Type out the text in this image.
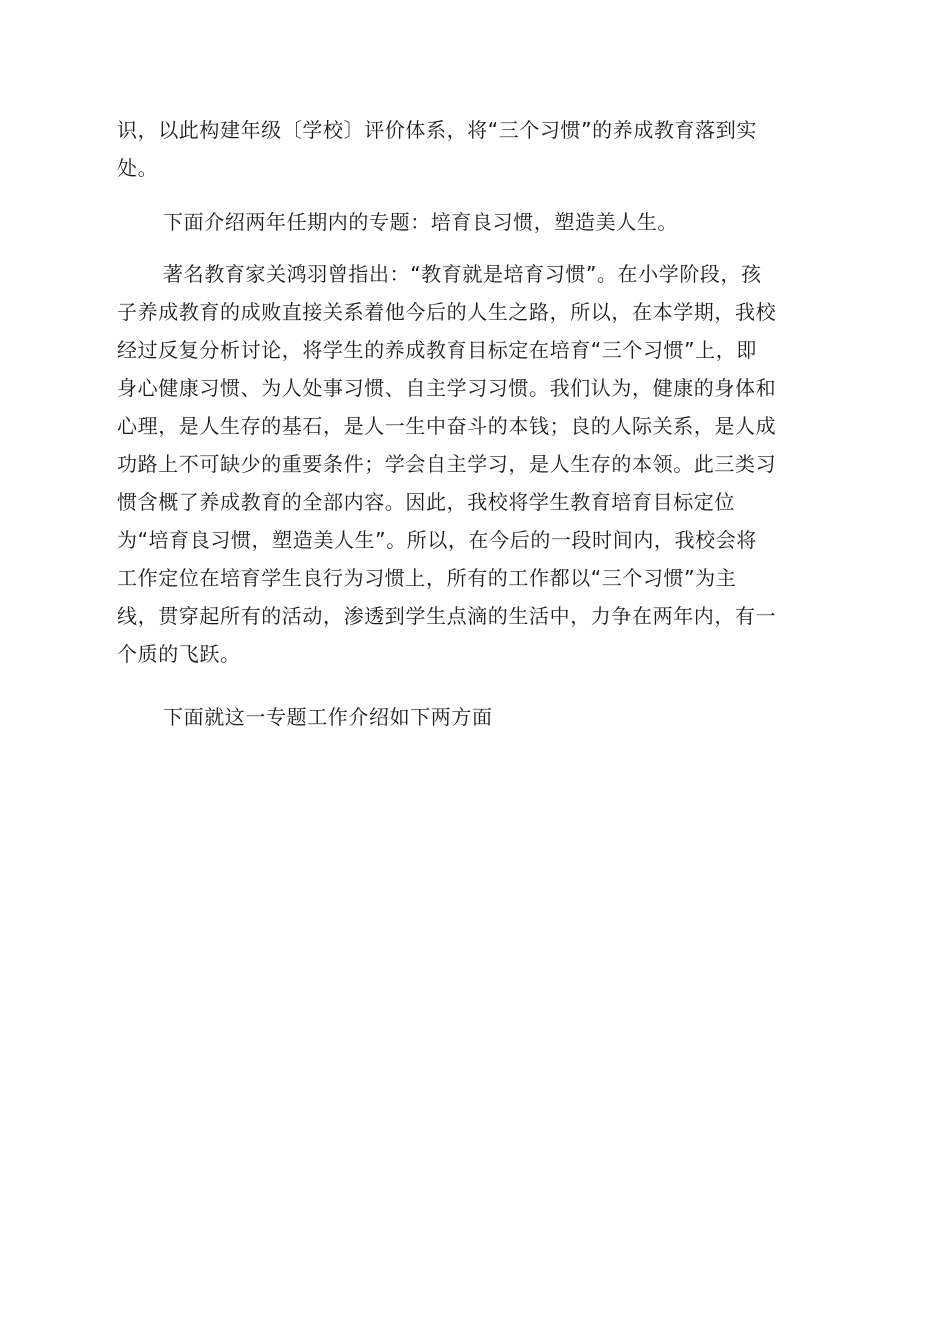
识，以此构建年级〔学校〕评价体系，将“三个习惯”的养成教育落到实
处。
下面介绍两年任期内的专题：培育良习惯，塑造美人生。
著名教育家关鸿羽曾指出：“教育就是培育习惯”。在小学阶段，孩
子养成教育的成败直接关系着他今后的人生之路，所以，在本学期，我校
经过反复分析讨论，将学生的养成教育目标定在培育“三个习惯”上，即
身心健康习惯、为人处事习惯、自主学习习惯。我们认为，健康的身体和
心理，是人生存的基石，是人一生中奋斗的本钱；良的人际关系，是人成
功路上不可缺少的重要条件；学会自主学习，是人生存的本领。此三类习
惯含概了养成教育的全部内容。因此，我校将学生教育培育目标定位
为“培育良习惯，塑造美人生”。所以，在今后的一段时间内，我校会将
工作定位在培育学生良行为习惯上，所有的工作都以“三个习惯”为主
线，贯穿起所有的活动，渗透到学生点滴的生活中，力争在两年内，有一
个质的飞跃。
下面就这一专题工作介绍如下两方面
